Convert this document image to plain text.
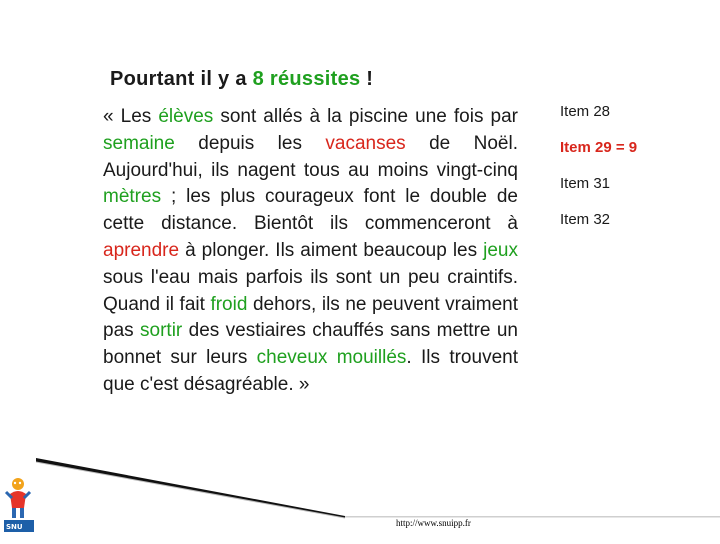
Pourtant il y a 8 réussites !
« Les élèves sont allés à la piscine une fois par semaine depuis les vacanses de Noël. Aujourd'hui, ils nagent tous au moins vingt-cinq mètres ; les plus courageux font le double de cette distance. Bientôt ils commenceront à aprendre à plonger. Ils aiment beaucoup les jeux sous l'eau mais parfois ils sont un peu craintifs. Quand il fait froid dehors, ils ne peuvent vraiment pas sortir des vestiaires chauffés sans mettre un bonnet sur leurs cheveux mouillés. Ils trouvent que c'est désagréable. »
Item 28
Item 29 = 9
Item 31
Item 32
SNU	http://www.snuipp.fr
